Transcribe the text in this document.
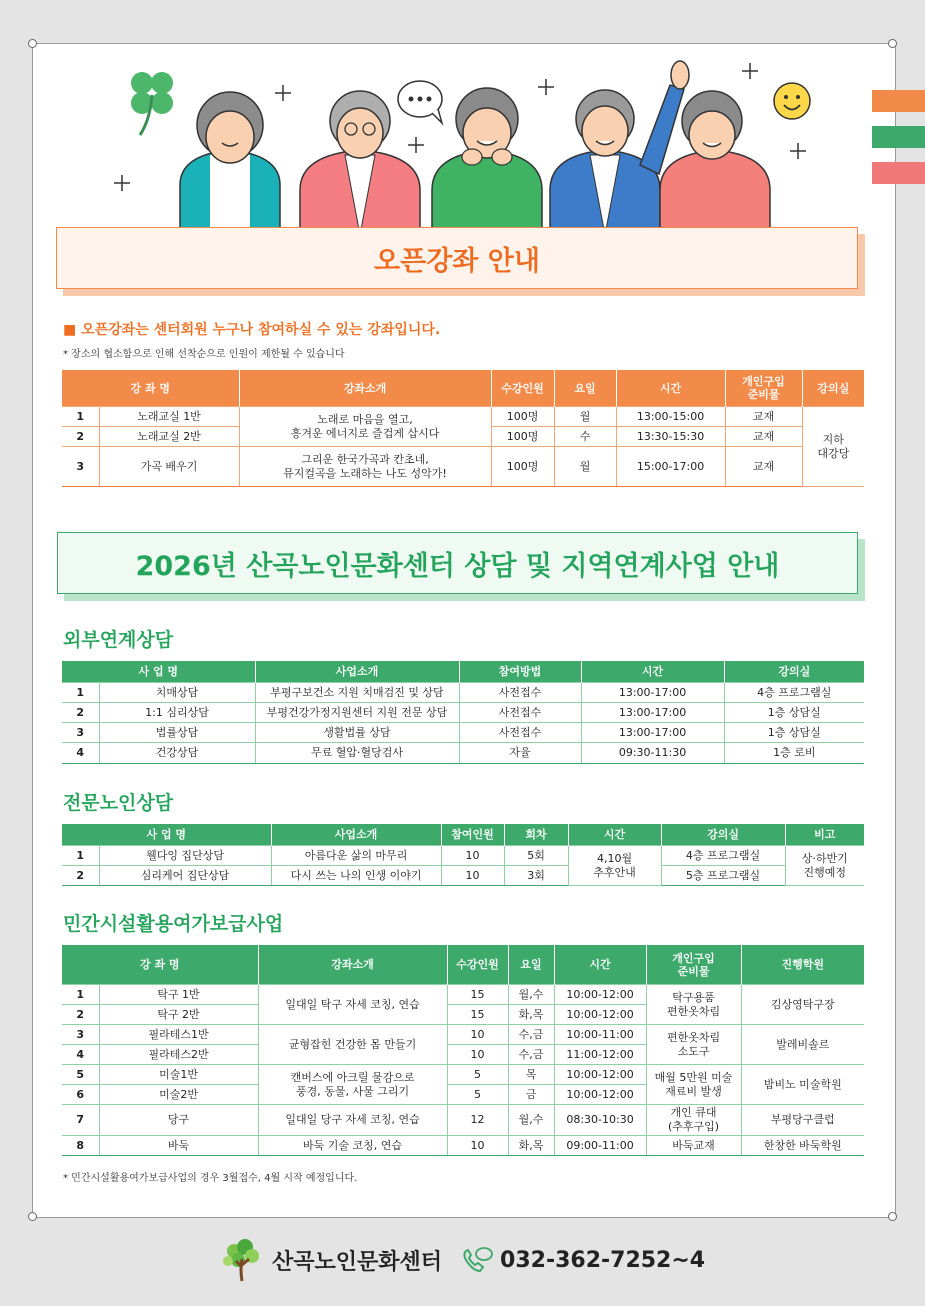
오픈강좌 안내
■ 오픈강좌는 센터회원 누구나 참여하실 수 있는 강좌입니다.
* 장소의 협소함으로 인해 선착순으로 인원이 제한될 수 있습니다
강 좌 명		강좌소개	수강인원	요일	시간	개인구입
준비물	강의실
1	노래교실 1반	노래로 마음을 열고,
흥겨운 에너지로 즐겁게 삽시다	100명	월	13:00-15:00	교재	지하
대강당
2	노래교실 2반		100명	수	13:30-15:30	교재	
3	가곡 배우기	그리운 한국가곡과 칸초네,
뮤지컬곡을 노래하는 나도 성악가!	100명	월	15:00-17:00	교재	
2026년 산곡노인문화센터 상담 및 지역연계사업 안내
외부연계상담
사 업 명		사업소개	참여방법	시간	강의실
1	치매상담	부평구보건소 지원 치매검진 및 상담	사전접수	13:00-17:00	4층 프로그램실
2	1:1 심리상담	부평건강가정지원센터 지원 전문 상담	사전접수	13:00-17:00	1층 상담실
3	법률상담	생활법률 상담	사전접수	13:00-17:00	1층 상담실
4	건강상담	무료 혈압·혈당검사	자율	09:30-11:30	1층 로비
전문노인상담
사 업 명		사업소개	참여인원	회차	시간	강의실	비고
1	웰다잉 집단상담	아름다운 삶의 마무리	10	5회	4,10월
추후안내	4층 프로그램실	상·하반기
진행예정
2	심리케어 집단상담	다시 쓰는 나의 인생 이야기	10	3회		5층 프로그램실	
민간시설활용여가보급사업
강 좌 명		강좌소개	수강인원	요일	시간	개인구입
준비물	진행학원
1	탁구 1반	일대일 탁구 자세 코칭, 연습	15	월,수	10:00-12:00	탁구용품
편한옷차림	김상영탁구장
2	탁구 2반		15	화,목	10:00-12:00		
3	필라테스1반	균형잡힌 건강한 몸 만들기	10	수,금	10:00-11:00	편한옷차림
소도구	발레비솔르
4	필라테스2반		10	수,금	11:00-12:00		
5	미술1반	캔버스에 아크릴 물감으로
풍경, 동물, 사물 그리기	5	목	10:00-12:00	매월 5만원 미술
재료비 발생	밤비노 미술학원
6	미술2반		5	금	10:00-12:00		
7	당구	일대일 당구 자세 코칭, 연습	12	월,수	08:30-10:30	개인 큐대
(추후구입)	부평당구클럽
8	바둑	바둑 기술 코칭, 연습	10	화,목	09:00-11:00	바둑교재	한창한 바둑학원
* 민간시설활용여가보급사업의 경우 3월접수, 4월 시작 예정입니다.
산곡노인문화센터	032-362-7252~4
